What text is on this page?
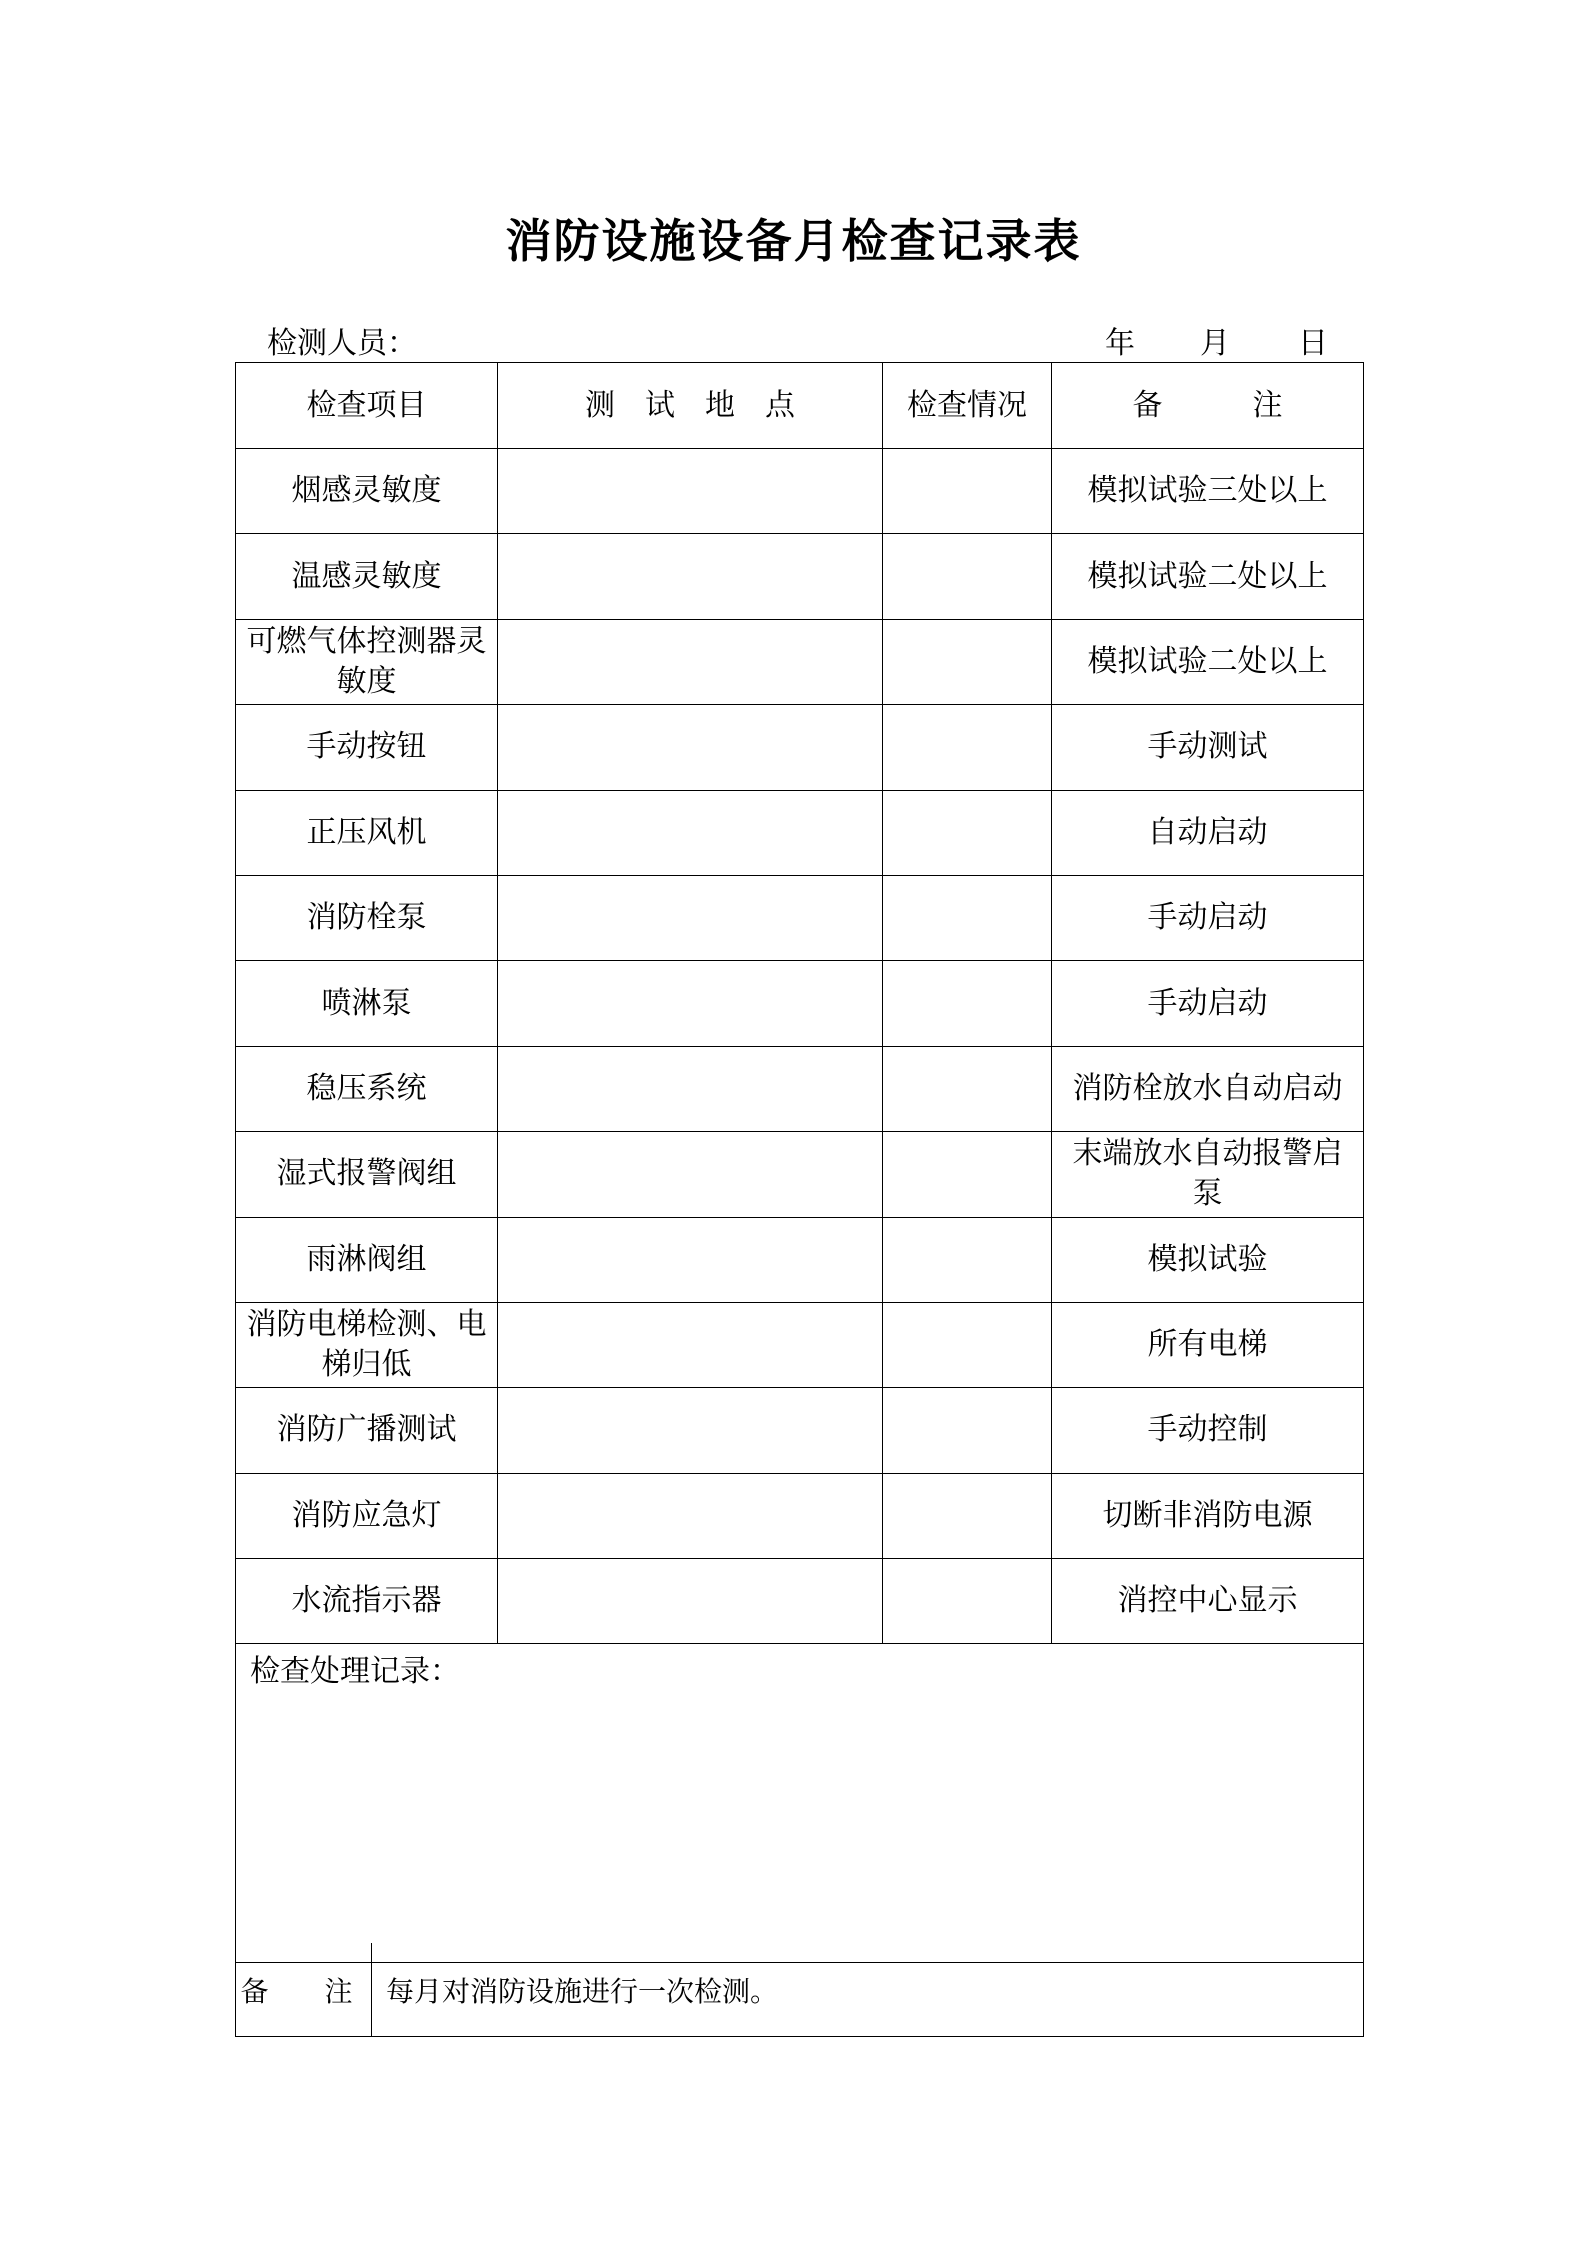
消防设施设备月检查记录表
检测人员：	年 月 日
检查项目	测　试　地　点	检查情况	备　　　注
烟感灵敏度			模拟试验三处以上
温感灵敏度			模拟试验二处以上
可燃气体控测器灵敏度			模拟试验二处以上
手动按钮			手动测试
正压风机			自动启动
消防栓泵			手动启动
喷淋泵			手动启动
稳压系统			消防栓放水自动启动
湿式报警阀组			末端放水自动报警启泵
雨淋阀组			模拟试验
消防电梯检测、电梯归低			所有电梯
消防广播测试			手动控制
消防应急灯			切断非消防电源
水流指示器			消控中心显示
检查处理记录：			
备　注	每月对消防设施进行一次检测。
